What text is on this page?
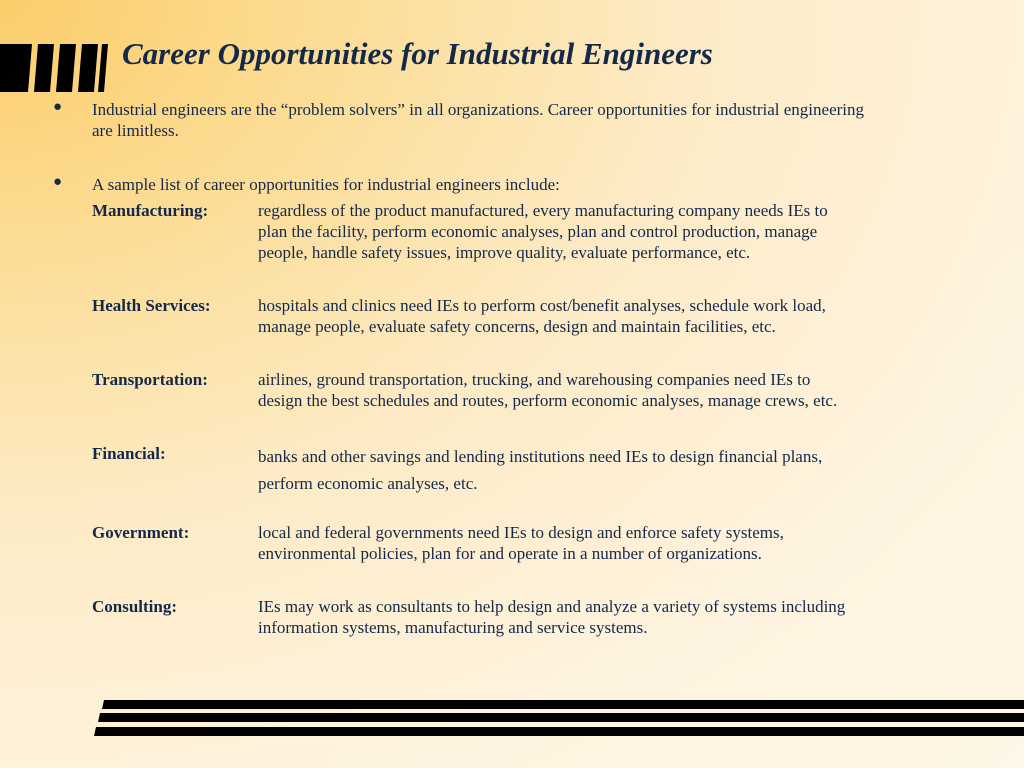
Career Opportunities for Industrial Engineers
● Industrial engineers are the “problem solvers” in all organizations. Career opportunities for industrial engineering
are limitless.
● A sample list of career opportunities for industrial engineers include:
Manufacturing:	regardless of the product manufactured, every manufacturing company needs IEs to
plan the facility, perform economic analyses, plan and control production, manage
people, handle safety issues, improve quality, evaluate performance, etc.
Health Services:	hospitals and clinics need IEs to perform cost/benefit analyses, schedule work load,
manage people, evaluate safety concerns, design and maintain facilities, etc.
Transportation:	airlines, ground transportation, trucking, and warehousing companies need IEs to
design the best schedules and routes, perform economic analyses, manage crews, etc.
Financial:	banks and other savings and lending institutions need IEs to design financial plans,
perform economic analyses, etc.
Government:	local and federal governments need IEs to design and enforce safety systems,
environmental policies, plan for and operate in a number of organizations.
Consulting:	IEs may work as consultants to help design and analyze a variety of systems including
information systems, manufacturing and service systems.
